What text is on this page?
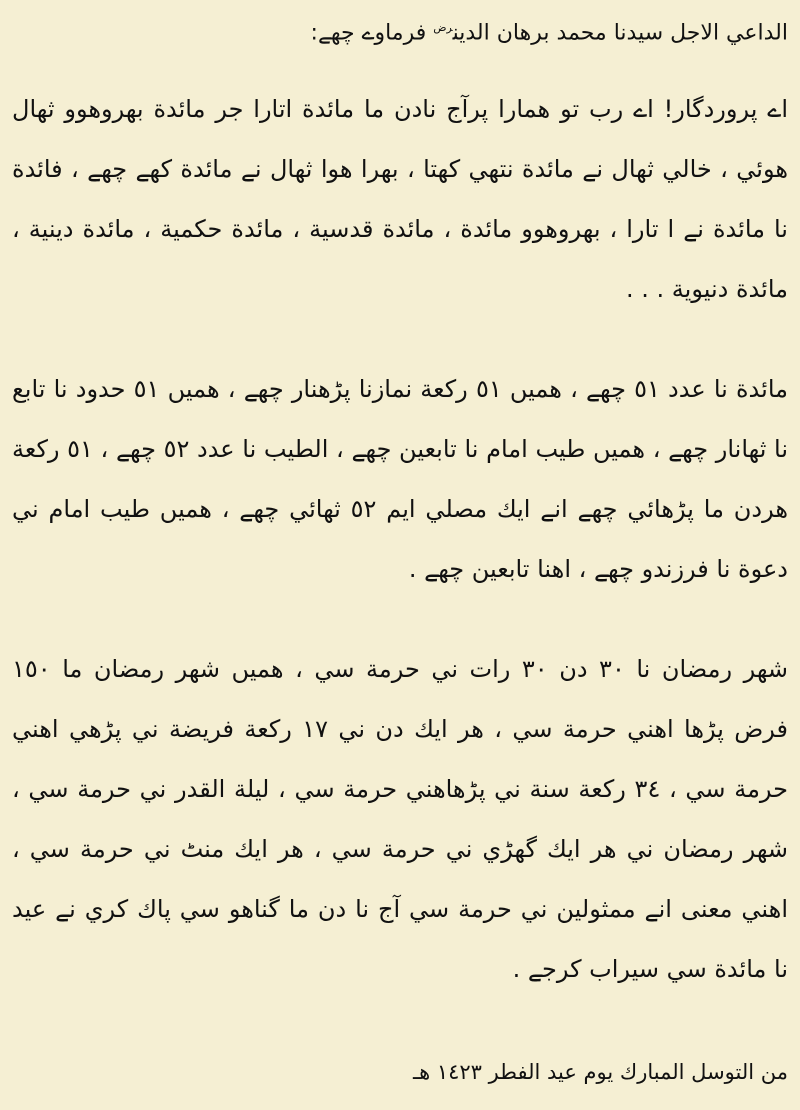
الداعي الاجل سيدنا محمد برهان الدين$^{رض}$ فرماوے چھے:

اے پروردگار! اے رب تو همارا پرآج نادن ما مائدة اتارا جر مائدة بهروهوو ثهال هوئي ، خالي ثهال نے مائدة نتهي كهتا ، بهرا هوا ثهال نے مائدة كهے چهے ، فائدة نا مائدة نے ا تارا ، بهروهوو مائدة ، مائدة قدسية ، مائدة حكمية ، مائدة دينية ، مائدة دنيوية . . .

مائدة نا عدد ٥١ چهے ، هميں ٥١ ركعة نمازنا پڑهنار چهے ، هميں ٥١ حدود نا تابع نا ثهانار چهے ، هميں طيب امام نا تابعين چهے ، الطيب نا عدد ٥٢ چهے ، ٥١ ركعة هردن ما پڑهائي چهے انے ايك مصلي ايم ٥٢ ثهائي چهے ، هميں طيب امام ني دعوة نا فرزندو چهے ، اهنا تابعين چهے .

شهر رمضان نا ٣٠ دن ٣٠ رات ني حرمة سي ، هميں شهر رمضان ما ١٥٠ فرض پڑها اهني حرمة سي ، هر ايك دن ني ١٧ ركعة فريضة ني پڑهي اهني حرمة سي ، ٣٤ ركعة سنة ني پڑهاهني حرمة سي ، ليلة القدر ني حرمة سي ، شهر رمضان ني هر ايك گهڑي ني حرمة سي ، هر ايك منٹ ني حرمة سي ، اهني معنى انے ممثولين ني حرمة سي آج نا دن ما گناهو سي پاك كري نے عيد نا مائدة سي سيراب كرجے .

من التوسل المبارك يوم عيد الفطر ١٤٢٣ هـ
